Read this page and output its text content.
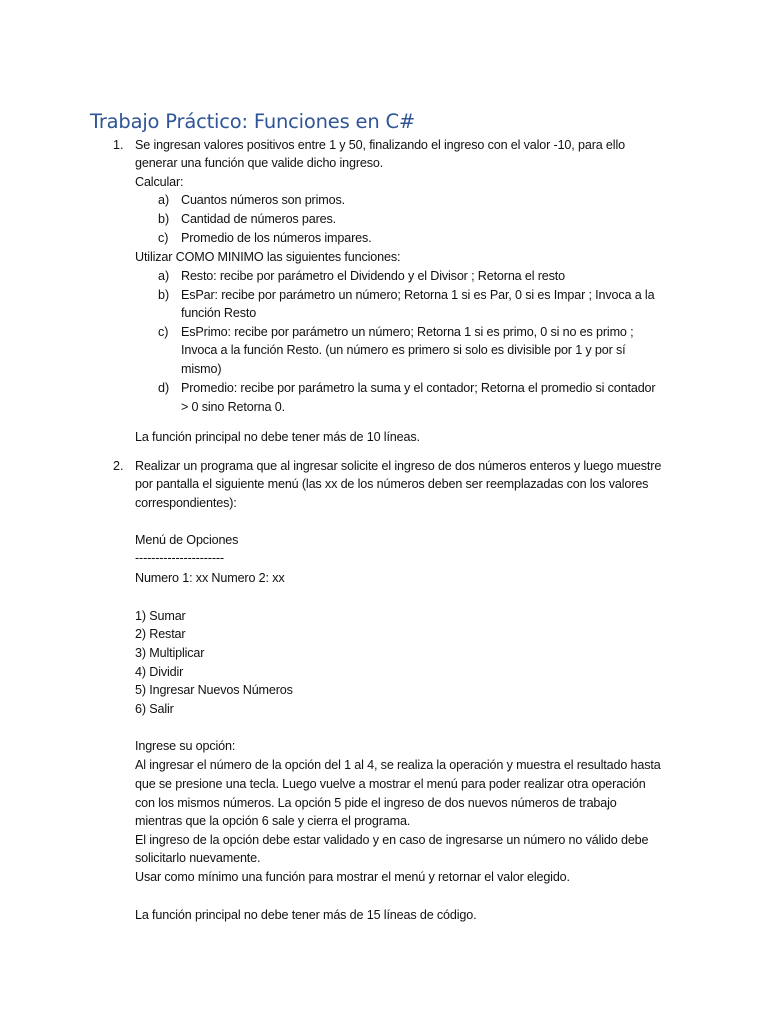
Trabajo Práctico: Funciones en C#
1. Se ingresan valores positivos entre 1 y 50, finalizando el ingreso con el valor -10, para ello
generar una función que valide dicho ingreso.
Calcular:
a) Cuantos números son primos.
b) Cantidad de números pares.
c) Promedio de los números impares.
Utilizar COMO MINIMO las siguientes funciones:
a) Resto: recibe por parámetro el Dividendo y el Divisor ; Retorna el resto
b) EsPar: recibe por parámetro un número; Retorna 1 si es Par, 0 si es Impar ; Invoca a la
función Resto
c) EsPrimo: recibe por parámetro un número; Retorna 1 si es primo, 0 si no es primo ;
Invoca a la función Resto. (un número es primero si solo es divisible por 1 y por sí
mismo)
d) Promedio: recibe por parámetro la suma y el contador; Retorna el promedio si contador
> 0 sino Retorna 0.
La función principal no debe tener más de 10 líneas.
2. Realizar un programa que al ingresar solicite el ingreso de dos números enteros y luego muestre
por pantalla el siguiente menú (las xx de los números deben ser reemplazadas con los valores
correspondientes):
Menú de Opciones
----------------------
Numero 1: xx Numero 2: xx
1) Sumar
2) Restar
3) Multiplicar
4) Dividir
5) Ingresar Nuevos Números
6) Salir
Ingrese su opción:
Al ingresar el número de la opción del 1 al 4, se realiza la operación y muestra el resultado hasta
que se presione una tecla. Luego vuelve a mostrar el menú para poder realizar otra operación
con los mismos números. La opción 5 pide el ingreso de dos nuevos números de trabajo
mientras que la opción 6 sale y cierra el programa.
El ingreso de la opción debe estar validado y en caso de ingresarse un número no válido debe
solicitarlo nuevamente.
Usar como mínimo una función para mostrar el menú y retornar el valor elegido.
La función principal no debe tener más de 15 líneas de código.
